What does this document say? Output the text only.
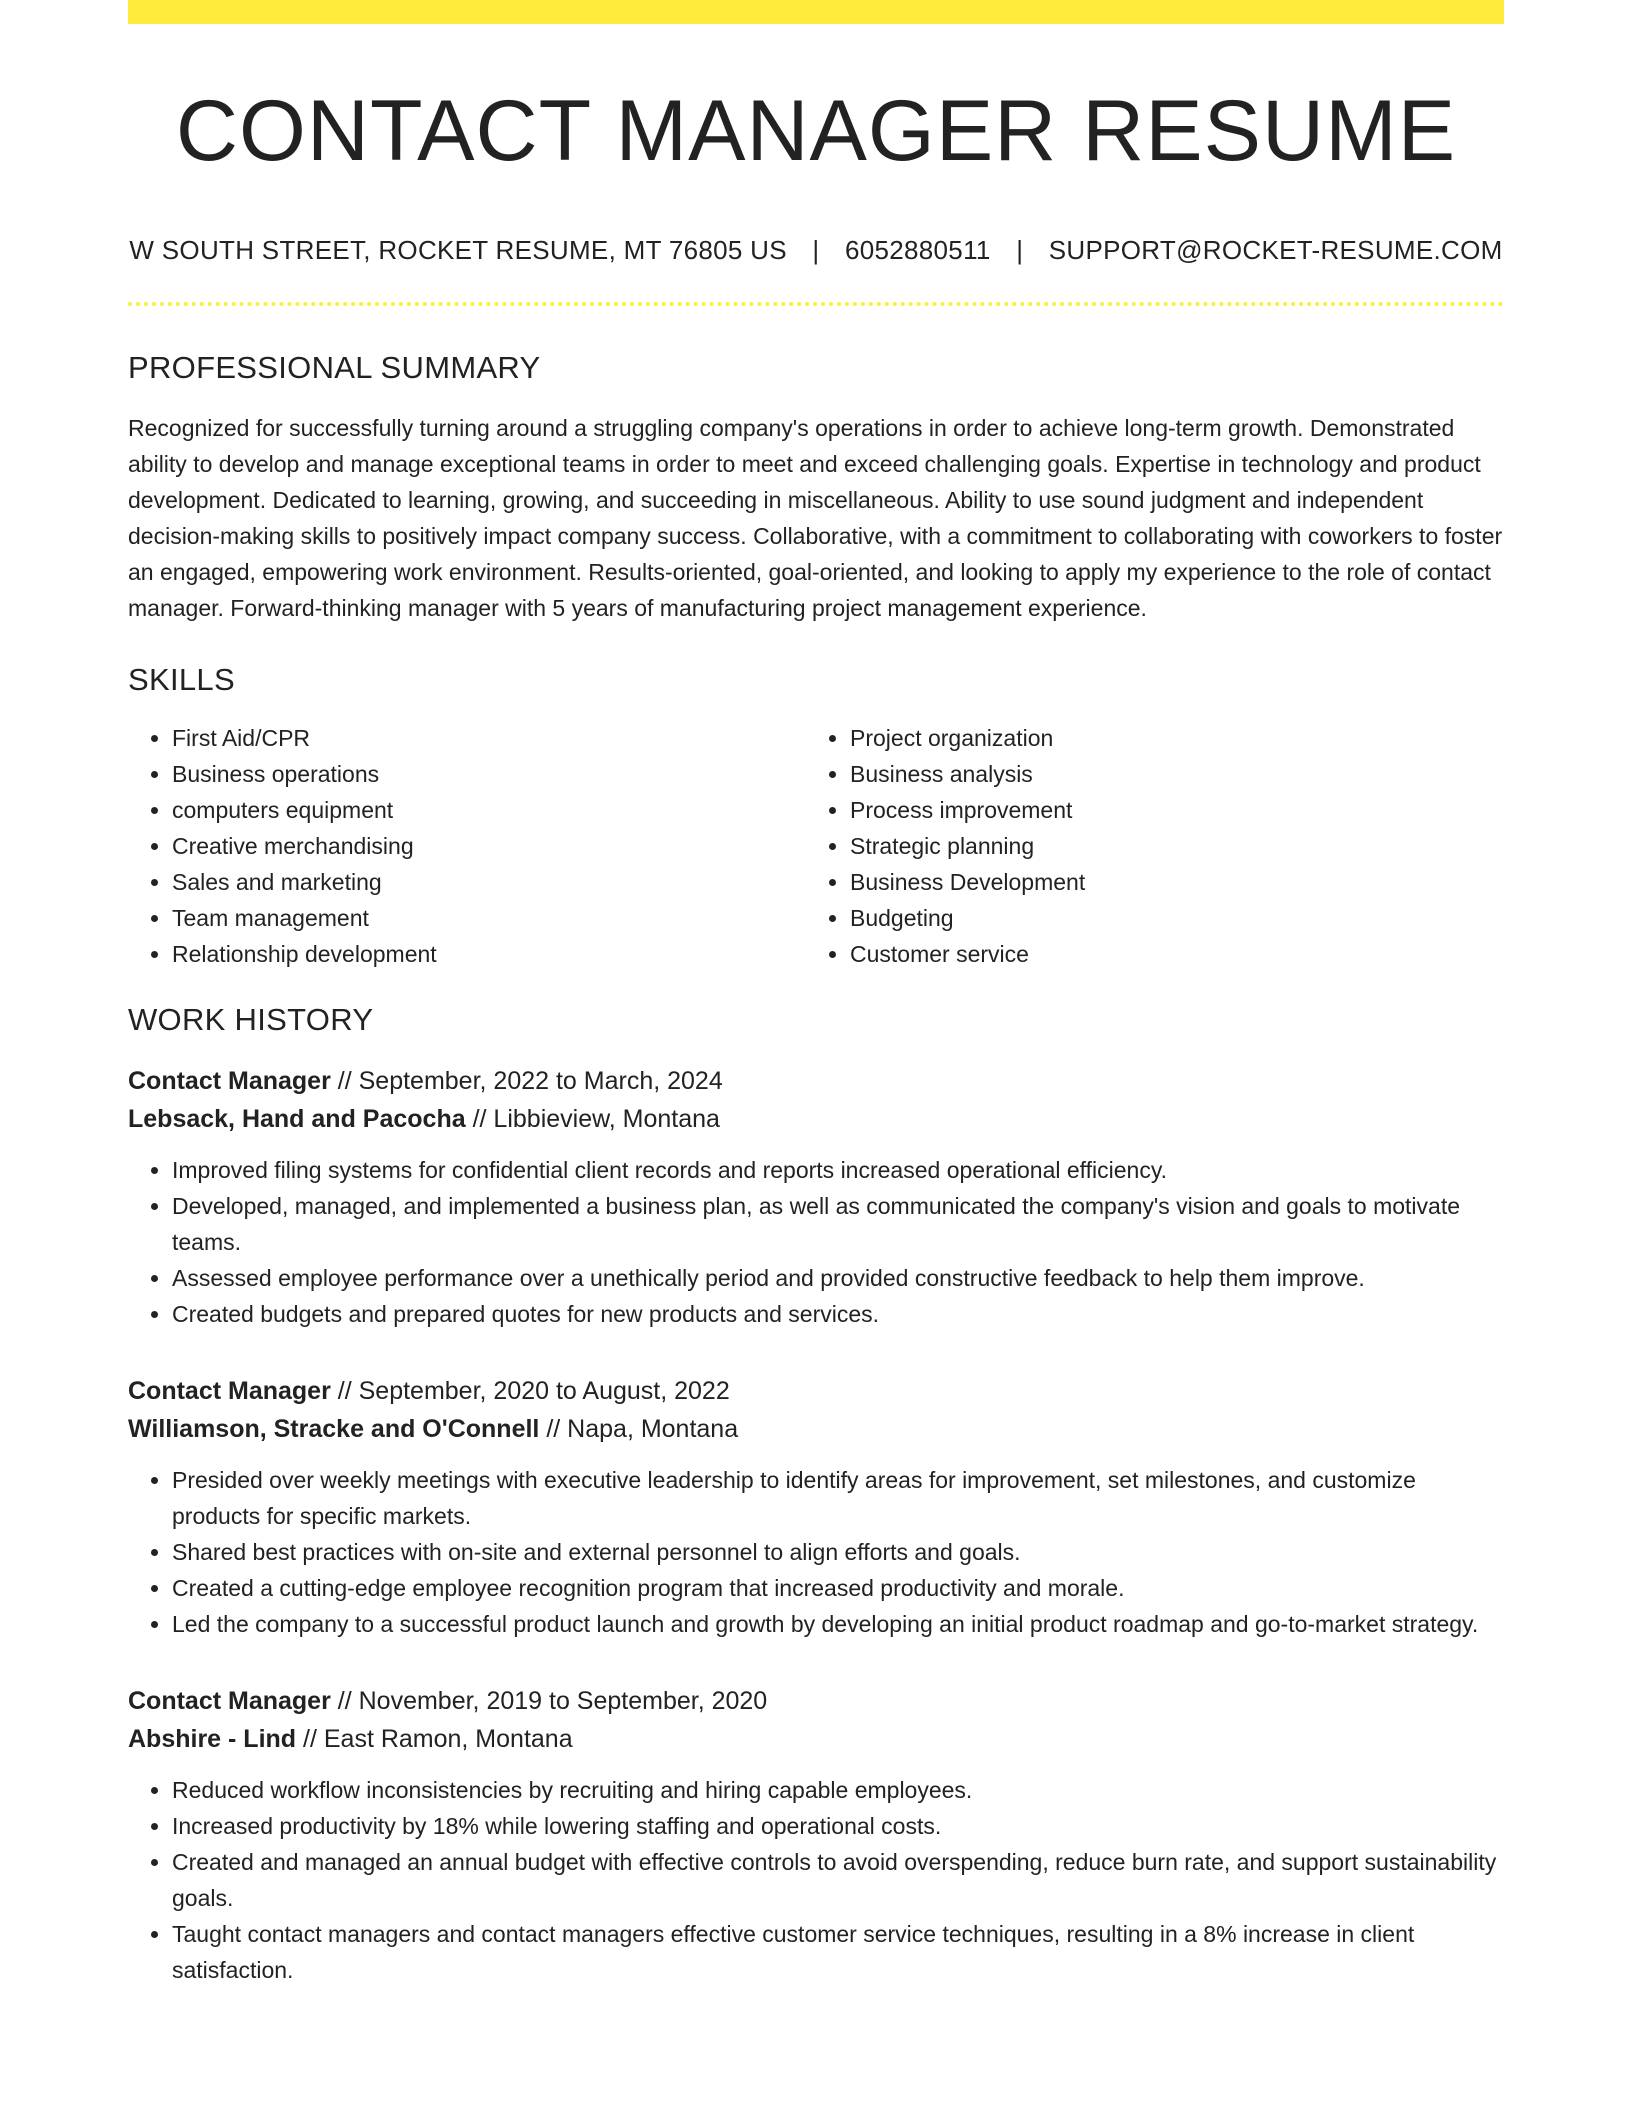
CONTACT MANAGER RESUME
W SOUTH STREET, ROCKET RESUME, MT 76805 US | 6052880511 | SUPPORT@ROCKET-RESUME.COM
PROFESSIONAL SUMMARY
Recognized for successfully turning around a struggling company's operations in order to achieve long-term growth. Demonstrated ability to develop and manage exceptional teams in order to meet and exceed challenging goals. Expertise in technology and product development. Dedicated to learning, growing, and succeeding in miscellaneous. Ability to use sound judgment and independent decision-making skills to positively impact company success. Collaborative, with a commitment to collaborating with coworkers to foster an engaged, empowering work environment. Results-oriented, goal-oriented, and looking to apply my experience to the role of contact manager. Forward-thinking manager with 5 years of manufacturing project management experience.
SKILLS
• First Aid/CPR
• Business operations
• computers equipment
• Creative merchandising
• Sales and marketing
• Team management
• Relationship development
• Project organization
• Business analysis
• Process improvement
• Strategic planning
• Business Development
• Budgeting
• Customer service
WORK HISTORY
Contact Manager // September, 2022 to March, 2024
Lebsack, Hand and Pacocha // Libbieview, Montana
• Improved filing systems for confidential client records and reports increased operational efficiency.
• Developed, managed, and implemented a business plan, as well as communicated the company's vision and goals to motivate teams.
• Assessed employee performance over a unethically period and provided constructive feedback to help them improve.
• Created budgets and prepared quotes for new products and services.
Contact Manager // September, 2020 to August, 2022
Williamson, Stracke and O'Connell // Napa, Montana
• Presided over weekly meetings with executive leadership to identify areas for improvement, set milestones, and customize products for specific markets.
• Shared best practices with on-site and external personnel to align efforts and goals.
• Created a cutting-edge employee recognition program that increased productivity and morale.
• Led the company to a successful product launch and growth by developing an initial product roadmap and go-to-market strategy.
Contact Manager // November, 2019 to September, 2020
Abshire - Lind // East Ramon, Montana
• Reduced workflow inconsistencies by recruiting and hiring capable employees.
• Increased productivity by 18% while lowering staffing and operational costs.
• Created and managed an annual budget with effective controls to avoid overspending, reduce burn rate, and support sustainability goals.
• Taught contact managers and contact managers effective customer service techniques, resulting in a 8% increase in client satisfaction.
